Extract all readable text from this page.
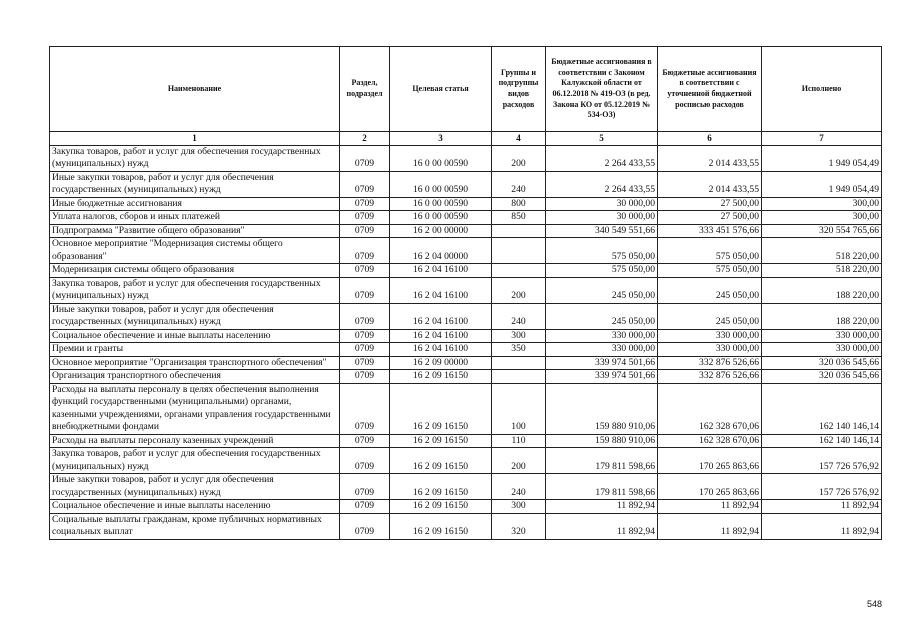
Наименование	Раздел, подраздел	Целевая статья	Группы и подгруппы видов расходов	Бюджетные ассигнования в соответствии с Законом Калужской области от 06.12.2018 № 419-ОЗ (в ред. Закона КО от 05.12.2019 № 534-ОЗ)	Бюджетные ассигнования в соответствии с уточненной бюджетной росписью расходов	Исполнено
1	2	3	4	5	6	7
Закупка товаров, работ и услуг для обеспечения государственных (муниципальных) нужд	0709	16 0 00 00590	200	2 264 433,55	2 014 433,55	1 949 054,49
Иные закупки товаров, работ и услуг для обеспечения государственных (муниципальных) нужд	0709	16 0 00 00590	240	2 264 433,55	2 014 433,55	1 949 054,49
Иные бюджетные ассигнования	0709	16 0 00 00590	800	30 000,00	27 500,00	300,00
Уплата налогов, сборов и иных платежей	0709	16 0 00 00590	850	30 000,00	27 500,00	300,00
Подпрограмма "Развитие общего образования"	0709	16 2 00 00000		340 549 551,66	333 451 576,66	320 554 765,66
Основное мероприятие "Модернизация системы общего образования"	0709	16 2 04 00000		575 050,00	575 050,00	518 220,00
Модернизация системы общего образования	0709	16 2 04 16100		575 050,00	575 050,00	518 220,00
Закупка товаров, работ и услуг для обеспечения государственных (муниципальных) нужд	0709	16 2 04 16100	200	245 050,00	245 050,00	188 220,00
Иные закупки товаров, работ и услуг для обеспечения государственных (муниципальных) нужд	0709	16 2 04 16100	240	245 050,00	245 050,00	188 220,00
Социальное обеспечение и иные выплаты населению	0709	16 2 04 16100	300	330 000,00	330 000,00	330 000,00
Премии и гранты	0709	16 2 04 16100	350	330 000,00	330 000,00	330 000,00
Основное мероприятие "Организация транспортного обеспечения"	0709	16 2 09 00000		339 974 501,66	332 876 526,66	320 036 545,66
Организация транспортного обеспечения	0709	16 2 09 16150		339 974 501,66	332 876 526,66	320 036 545,66
Расходы на выплаты персоналу в целях обеспечения выполнения функций государственными (муниципальными) органами, казенными учреждениями, органами управления государственными внебюджетными фондами	0709	16 2 09 16150	100	159 880 910,06	162 328 670,06	162 140 146,14
Расходы на выплаты персоналу казенных учреждений	0709	16 2 09 16150	110	159 880 910,06	162 328 670,06	162 140 146,14
Закупка товаров, работ и услуг для обеспечения государственных (муниципальных) нужд	0709	16 2 09 16150	200	179 811 598,66	170 265 863,66	157 726 576,92
Иные закупки товаров, работ и услуг для обеспечения государственных (муниципальных) нужд	0709	16 2 09 16150	240	179 811 598,66	170 265 863,66	157 726 576,92
Социальное обеспечение и иные выплаты населению	0709	16 2 09 16150	300	11 892,94	11 892,94	11 892,94
Социальные выплаты гражданам, кроме публичных нормативных социальных выплат	0709	16 2 09 16150	320	11 892,94	11 892,94	11 892,94
548
